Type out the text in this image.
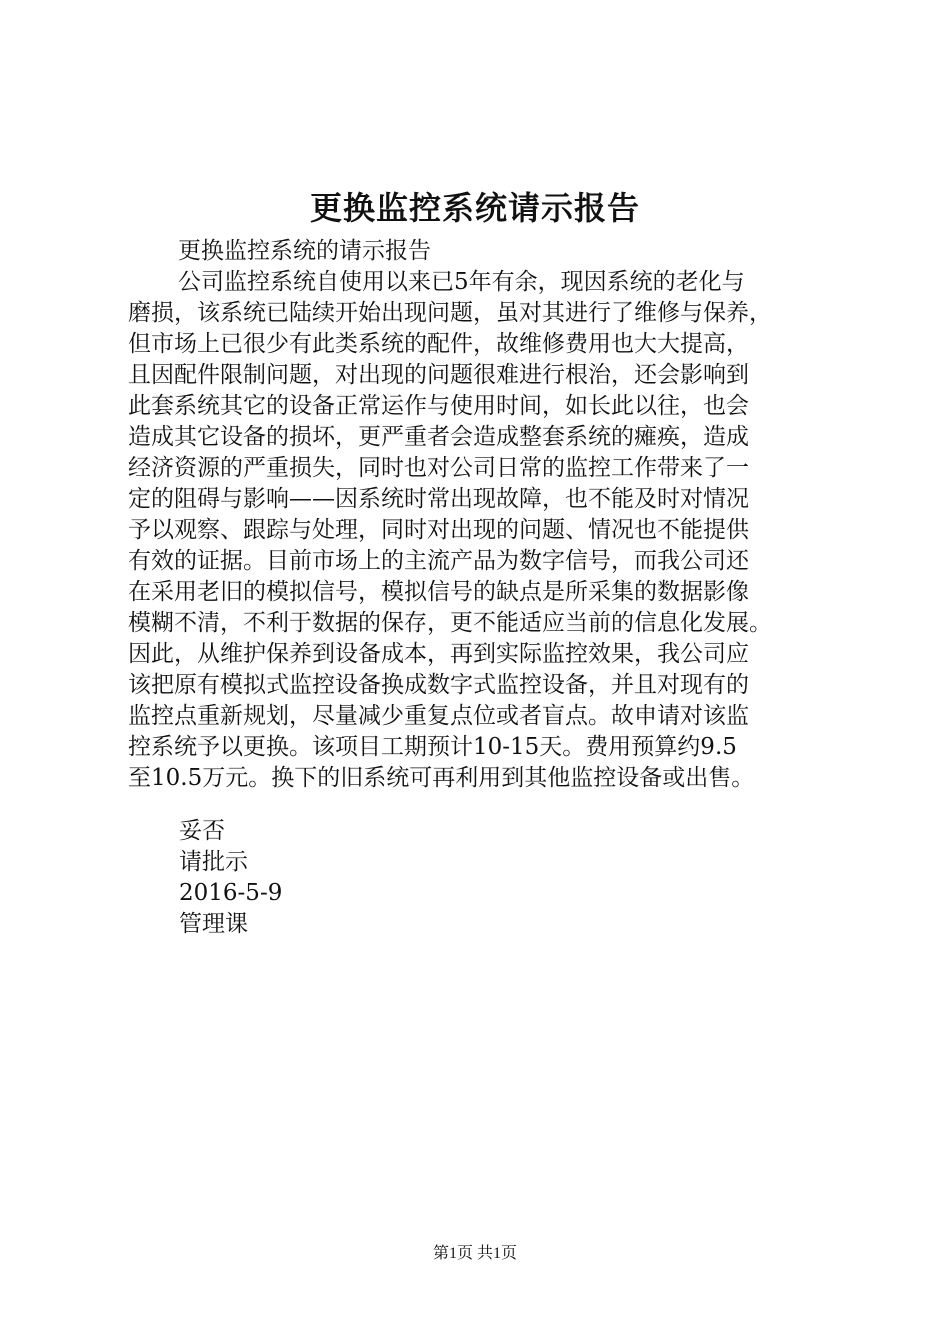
更换监控系统请示报告
更换监控系统的请示报告
公司监控系统自使用以来已5年有余，现因系统的老化与
磨损，该系统已陆续开始出现问题，虽对其进行了维修与保养，
但市场上已很少有此类系统的配件，故维修费用也大大提高，
且因配件限制问题，对出现的问题很难进行根治，还会影响到
此套系统其它的设备正常运作与使用时间，如长此以往，也会
造成其它设备的损坏，更严重者会造成整套系统的瘫痪，造成
经济资源的严重损失，同时也对公司日常的监控工作带来了一
定的阻碍与影响——因系统时常出现故障，也不能及时对情况
予以观察、跟踪与处理，同时对出现的问题、情况也不能提供
有效的证据。目前市场上的主流产品为数字信号，而我公司还
在采用老旧的模拟信号，模拟信号的缺点是所采集的数据影像
模糊不清，不利于数据的保存，更不能适应当前的信息化发展。
因此，从维护保养到设备成本，再到实际监控效果，我公司应
该把原有模拟式监控设备换成数字式监控设备，并且对现有的
监控点重新规划，尽量减少重复点位或者盲点。故申请对该监
控系统予以更换。该项目工期预计10-15天。费用预算约9.5
至10.5万元。换下的旧系统可再利用到其他监控设备或出售。
妥否
请批示
2016-5-9
管理课
第1页 共1页
